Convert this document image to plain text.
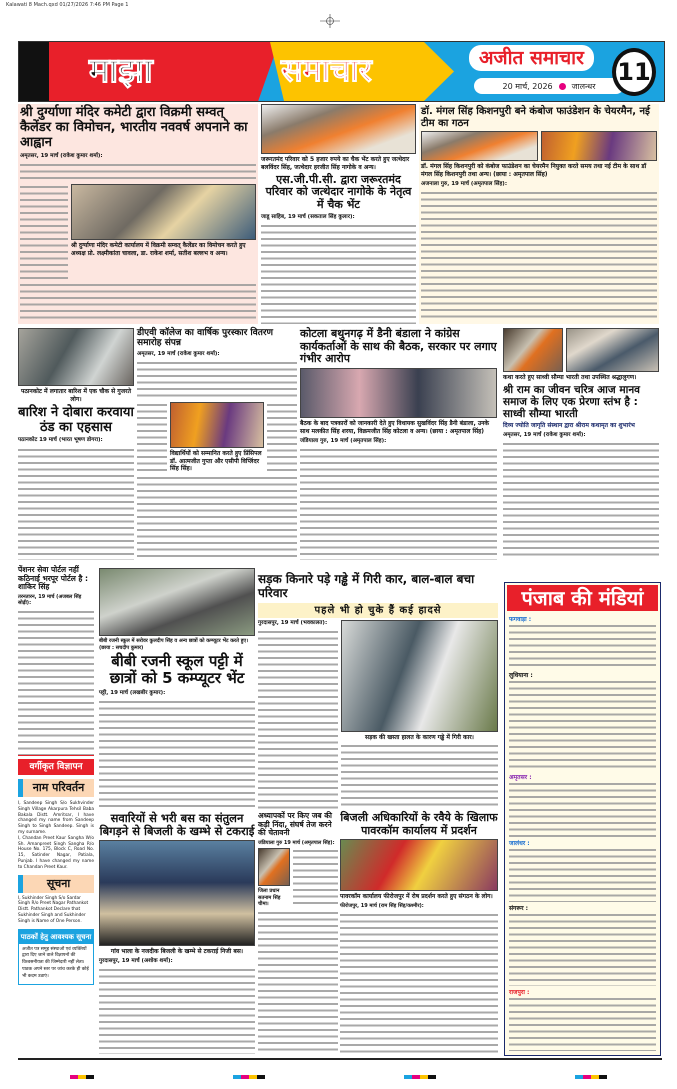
Kalawati 8 Mach.qxd 01/27/2026 7:46 PM Page 1
माझा	समाचार	अजीत समाचार
20 मार्च, 2026 जालन्धर 11
श्री दुर्ग्याणा मंदिर कमेटी द्वारा विक्रमी सम्वत् कैलेंडर का विमोचन, भारतीय नववर्ष अपनाने का आह्वान
अमृतसर, 19 मार्च (राकेश कुमार शर्मा):
श्री दुर्ग्याणा मंदिर कमेटी कार्यालय में विक्रमी सम्वत् कैलेंडर का विमोचन करते हुए अध्यक्ष प्रो. लक्ष्मीकांता चावला, डा. राकेश शर्मा, सतीश बल्लभ व अन्य।
जरूरतमंद परिवार को 5 हजार रुपये का चैक भेंट करते हुए जत्थेदार बलविंदर सिंह, जत्थेदार हरजीत सिंह नागोके व अन्य।
एस.जी.पी.सी. द्वारा जरूरतमंद परिवार को जत्थेदार नागोके के नेतृत्व में चैक भेंट
जाडू साहिब, 19 मार्च (सकताल सिंह कुलार):
डॉ. मंगल सिंह किशनपुरी बने कंबोज फाउंडेशन के चेयरमैन, नई टीम का गठन
डॉ. मंगल सिंह किशनपुरी को कंबोज फाउंडेशन का चेयरमैन नियुक्त करते समय तथा नई टीम के साथ डॉ मंगल सिंह किशनपुरी तथा अन्य। (छाया : अमृतपाल सिंह)
अजनाला गुरु, 19 मार्च (अमृतपाल सिंह):
पठानकोट में लगातार बारिश में एक चौक से गुजरते लोग।
बारिश ने दोबारा करवाया ठंड का एहसास
पठानकोट 19 मार्च (भारत भूषण डोगरा):
डीएवी कॉलेज का वार्षिक पुरस्कार वितरण समारोह संपन्न
अमृतसर, 19 मार्च (राकेश कुमार शर्मा):
विद्यार्थियों को सम्मानित करते हुए प्रिंसिपल डॉ. आत्मजीत गुप्ता और एसीपी विप्लिंदर सिंह सिंह।
कोटला बथुनगढ़ में डैनी बंडाला ने कांग्रेस कार्यकर्ताओं के साथ की बैठक, सरकार पर लगाए गंभीर आरोप
बैठक के बाद पत्रकारों को जानकारी देते हुए विधायक सुखविंदर सिंह डैनी बंडाला, उनके साथ मलकीत सिंह शरया, विक्रमजीत सिंह कोटला व अन्य। (छाया : अमृतपाल सिंह)
जंडियाला गुरु, 19 मार्च (अमृतपाल सिंह):
कथा करते हुए साध्वी सौम्या भारती तथा उपस्थित श्रद्धालुगण।
श्री राम का जीवन चरित्र आज मानव समाज के लिए एक प्रेरणा स्तंभ है : साध्वी सौम्या भारती
दिव्य ज्योति जागृति संस्थान द्वारा श्रीराम कथामृत का शुभारंभ
अमृतसर, 19 मार्च (राकेश कुमार शर्मा):
पेंशनर सेवा पोर्टल नहीं कठिनाई भरपूर पोर्टल है : शाकिर सिंह
तरनतारन, 19 मार्च (अजबल सिंह सोढ़ी):
बीबी रजनी स्कूल में सरोवर कुलदीप सिंह व अन्य छात्रों को कम्प्यूटर भेंट करते हुए। (छाया : सचदीप कुमार)
बीबी रजनी स्कूल पट्टी में छात्रों को 5 कम्प्यूटर भेंट
पट्टी, 19 मार्च (लखबीर कुमार):
सड़क किनारे पड़े गड्ढे में गिरी कार, बाल-बाल बचा परिवार
पहले भी हो चुके हैं कई हादसे
गुरदासपुर, 19 मार्च (भवकालत):
सड़क की खस्ता हालत के कारण गड्ढे में गिरी कार।
पंजाब की मंडियां
फगवाड़ा :
लुधियाना :
अमृतसर :
जालंधर :
संगरूर :
राजपुरा :
वर्गीकृत विज्ञापन
नाम परिवर्तन

I, Sandeep Singh S/o Sukhvinder Singh Village Akarpura Tehsil Baba Bakala Distt. Amritsar, I have changed my name from Sandeep Singh to Singh Sandeep. Singh is my surname.

I, Chandan Preet Kaur Sangha W/o Sh. Amanpreet Singh Sangha R/o House No. 175, Block C, Road No. 15, Satinder Nagar, Patiala, Punjab. I have changed my name to Chandan Preet Kaur.

सूचना

I, Sukhinder Singh S/o Sardar Singh R/o Preet Nagar Pathankot Distt. Pathankot Declare that Sukhinder Singh and Sukhinder Singh is Name of One Person.

पाठकों हेतु आवश्यक सूचना

अजीत पत्र समूह संस्थाओं एवं व्यक्तियों द्वारा दिए जाने वाले विज्ञापनों की विश्वसनीयता की जिम्मेदारी नहीं लेता। पाठक अपने स्तर पर जांच करके ही कोई भी कदम उठाएं।

सवारियों से भरी बस का संतुलन बिगड़ने से बिजली के खम्भे से टकराई
गांव भाला के नजदीक बिजली के खम्भे से टकराई निजी बस।
गुरदासपुर, 19 मार्च (अशोक शर्मा):
अध्यापकों पर किए जब की कड़ी निंदा, संघर्ष तेज करने की चेतावनी
जंडियाला गुरु 19 मार्च (अमृतपाल सिंह):
जिला प्रधान सतनाम सिंह चीमा।
बिजली अधिकारियों के रवैये के खिलाफ पावरकॉम कार्यालय में प्रदर्शन
पावरकॉम कार्यालय फीरोजपुर में रोष प्रदर्शन करते हुए संगठन के लोग।
फीरोजपुर, 19 मार्च (राम सिंह सिंह/कश्मीर):
